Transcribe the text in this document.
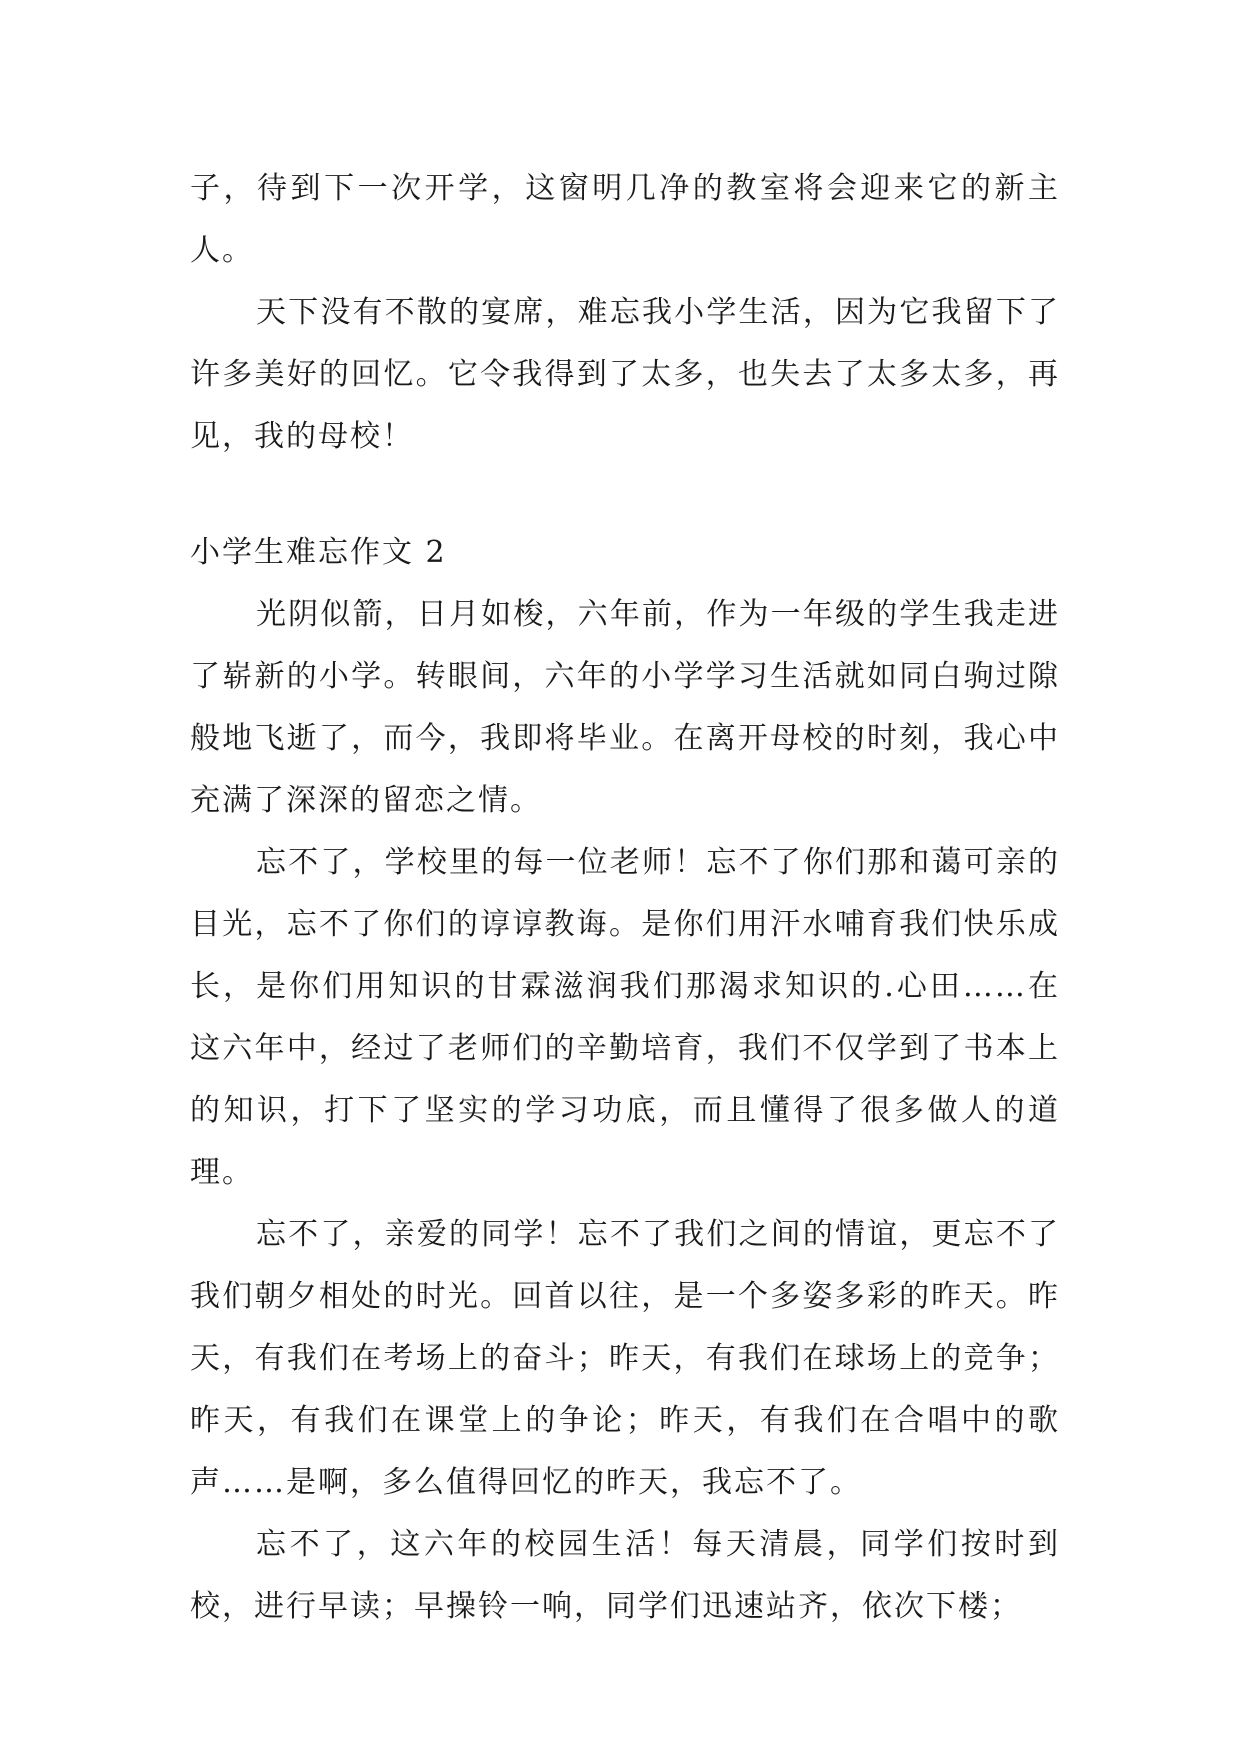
子，待到下一次开学，这窗明几净的教室将会迎来它的新主人。

天下没有不散的宴席，难忘我小学生活，因为它我留下了许多美好的回忆。它令我得到了太多，也失去了太多太多，再见，我的母校！

小学生难忘作文 2

光阴似箭，日月如梭，六年前，作为一年级的学生我走进了崭新的小学。转眼间，六年的小学学习生活就如同白驹过隙般地飞逝了，而今，我即将毕业。在离开母校的时刻，我心中充满了深深的留恋之情。

忘不了，学校里的每一位老师！忘不了你们那和蔼可亲的目光，忘不了你们的谆谆教诲。是你们用汗水哺育我们快乐成长，是你们用知识的甘霖滋润我们那渴求知识的.心田……在这六年中，经过了老师们的辛勤培育，我们不仅学到了书本上的知识，打下了坚实的学习功底，而且懂得了很多做人的道理。

忘不了，亲爱的同学！忘不了我们之间的情谊，更忘不了我们朝夕相处的时光。回首以往，是一个多姿多彩的昨天。昨天，有我们在考场上的奋斗；昨天，有我们在球场上的竞争；昨天，有我们在课堂上的争论；昨天，有我们在合唱中的歌声……是啊，多么值得回忆的昨天，我忘不了。

忘不了，这六年的校园生活！每天清晨，同学们按时到校，进行早读；早操铃一响，同学们迅速站齐，依次下楼；
